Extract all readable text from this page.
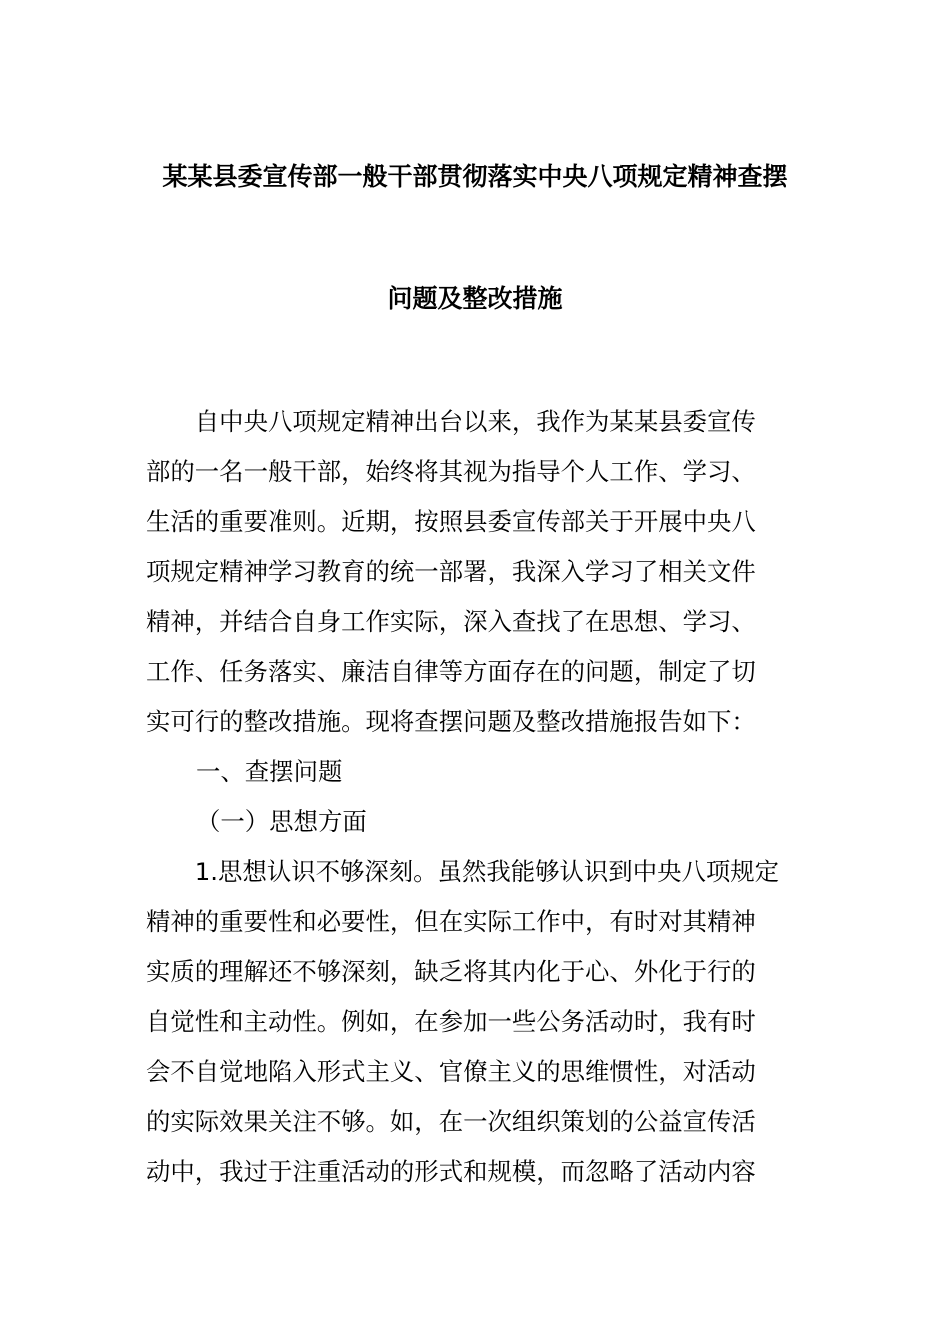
某某县委宣传部一般干部贯彻落实中央八项规定精神查摆
问题及整改措施
　　自中央八项规定精神出台以来，我作为某某县委宣传
部的一名一般干部，始终将其视为指导个人工作、学习、
生活的重要准则。近期，按照县委宣传部关于开展中央八
项规定精神学习教育的统一部署，我深入学习了相关文件
精神，并结合自身工作实际，深入查找了在思想、学习、
工作、任务落实、廉洁自律等方面存在的问题，制定了切
实可行的整改措施。现将查摆问题及整改措施报告如下：
一、查摆问题
（一）思想方面
　　1.思想认识不够深刻。虽然我能够认识到中央八项规定
精神的重要性和必要性，但在实际工作中，有时对其精神
实质的理解还不够深刻，缺乏将其内化于心、外化于行的
自觉性和主动性。例如，在参加一些公务活动时，我有时
会不自觉地陷入形式主义、官僚主义的思维惯性，对活动
的实际效果关注不够。如，在一次组织策划的公益宣传活
动中，我过于注重活动的形式和规模，而忽略了活动内容
